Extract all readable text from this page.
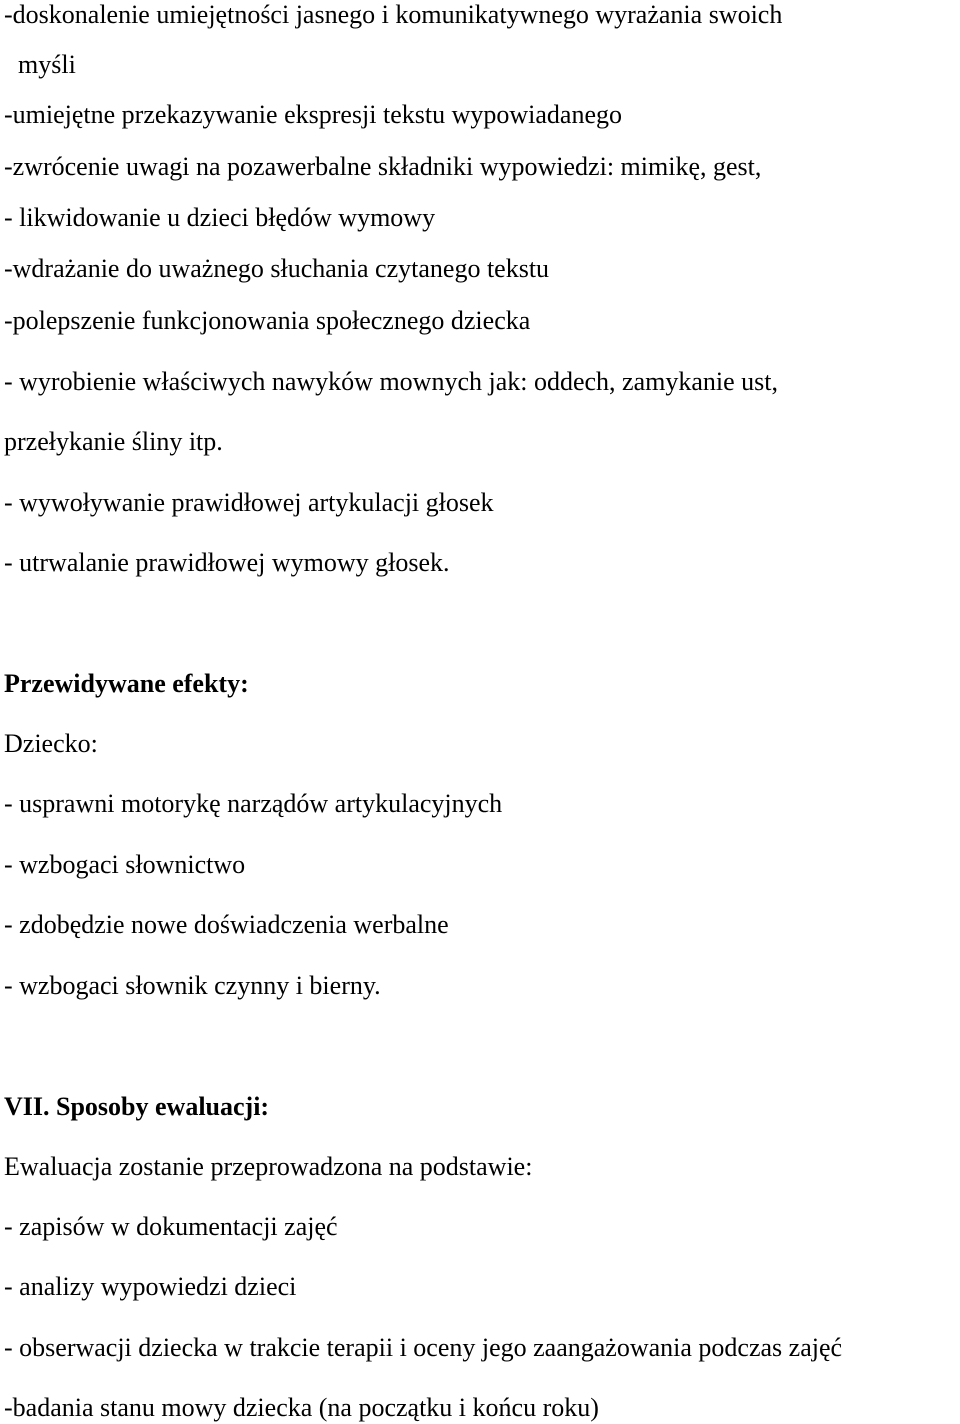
-doskonalenie umiejętności jasnego i komunikatywnego wyrażania swoich
myśli
-umiejętne przekazywanie ekspresji tekstu wypowiadanego
-zwrócenie uwagi na pozawerbalne składniki wypowiedzi: mimikę, gest,
- likwidowanie u dzieci błędów wymowy
-wdrażanie do uważnego słuchania czytanego tekstu
-polepszenie funkcjonowania społecznego dziecka
- wyrobienie właściwych nawyków mownych jak: oddech, zamykanie ust,
przełykanie śliny itp.
- wywoływanie prawidłowej artykulacji głosek
- utrwalanie prawidłowej wymowy głosek.
Przewidywane efekty:
Dziecko:
- usprawni motorykę narządów artykulacyjnych
- wzbogaci słownictwo
- zdobędzie nowe doświadczenia werbalne
- wzbogaci słownik czynny i bierny.
VII. Sposoby ewaluacji:
Ewaluacja zostanie przeprowadzona na podstawie:
- zapisów w dokumentacji zajęć
- analizy wypowiedzi dzieci
- obserwacji dziecka w trakcie terapii i oceny jego zaangażowania podczas zajęć
-badania stanu mowy dziecka (na początku i końcu roku)
